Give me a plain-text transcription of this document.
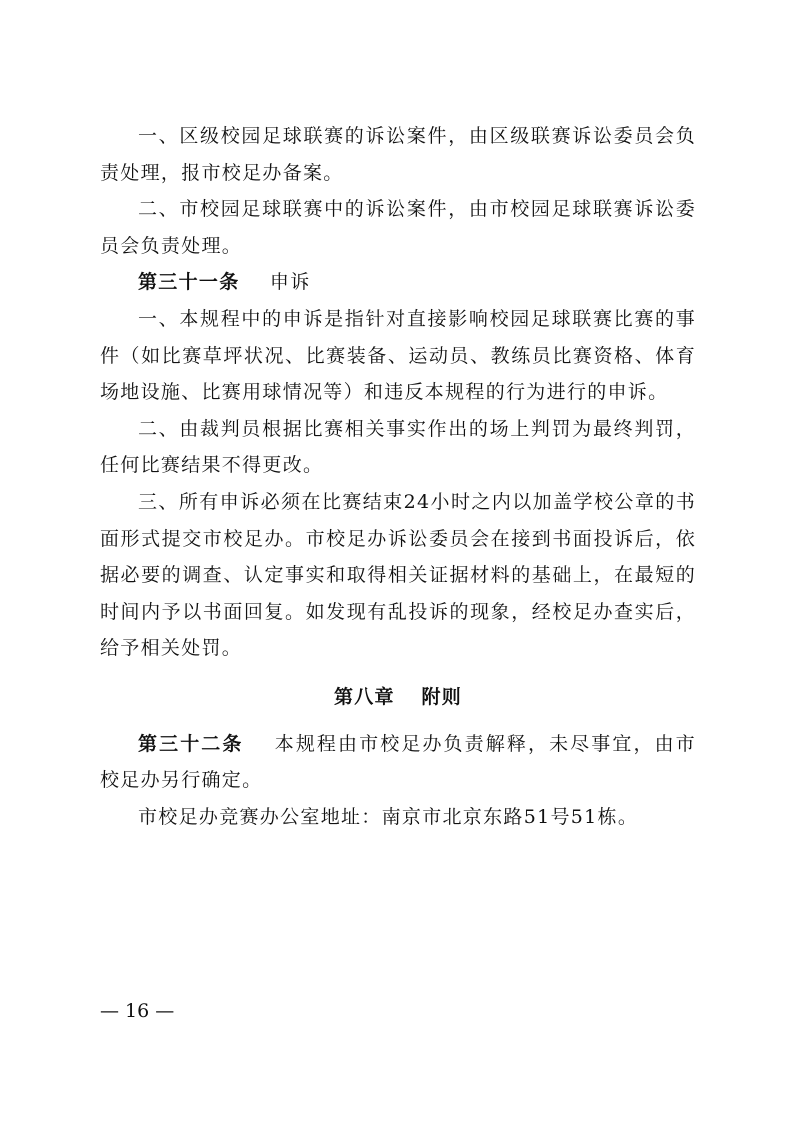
一、区级校园足球联赛的诉讼案件，由区级联赛诉讼委员会负责处理，报市校足办备案。

二、市校园足球联赛中的诉讼案件，由市校园足球联赛诉讼委员会负责处理。

第三十一条 申诉

一、本规程中的申诉是指针对直接影响校园足球联赛比赛的事件（如比赛草坪状况、比赛装备、运动员、教练员比赛资格、体育场地设施、比赛用球情况等）和违反本规程的行为进行的申诉。

二、由裁判员根据比赛相关事实作出的场上判罚为最终判罚，任何比赛结果不得更改。

三、所有申诉必须在比赛结束24小时之内以加盖学校公章的书面形式提交市校足办。市校足办诉讼委员会在接到书面投诉后，依据必要的调查、认定事实和取得相关证据材料的基础上，在最短的时间内予以书面回复。如发现有乱投诉的现象，经校足办查实后，给予相关处罚。

第八章 附则

第三十二条 本规程由市校足办负责解释，未尽事宜，由市校足办另行确定。

市校足办竞赛办公室地址：南京市北京东路51号51栋。

— 16 —
